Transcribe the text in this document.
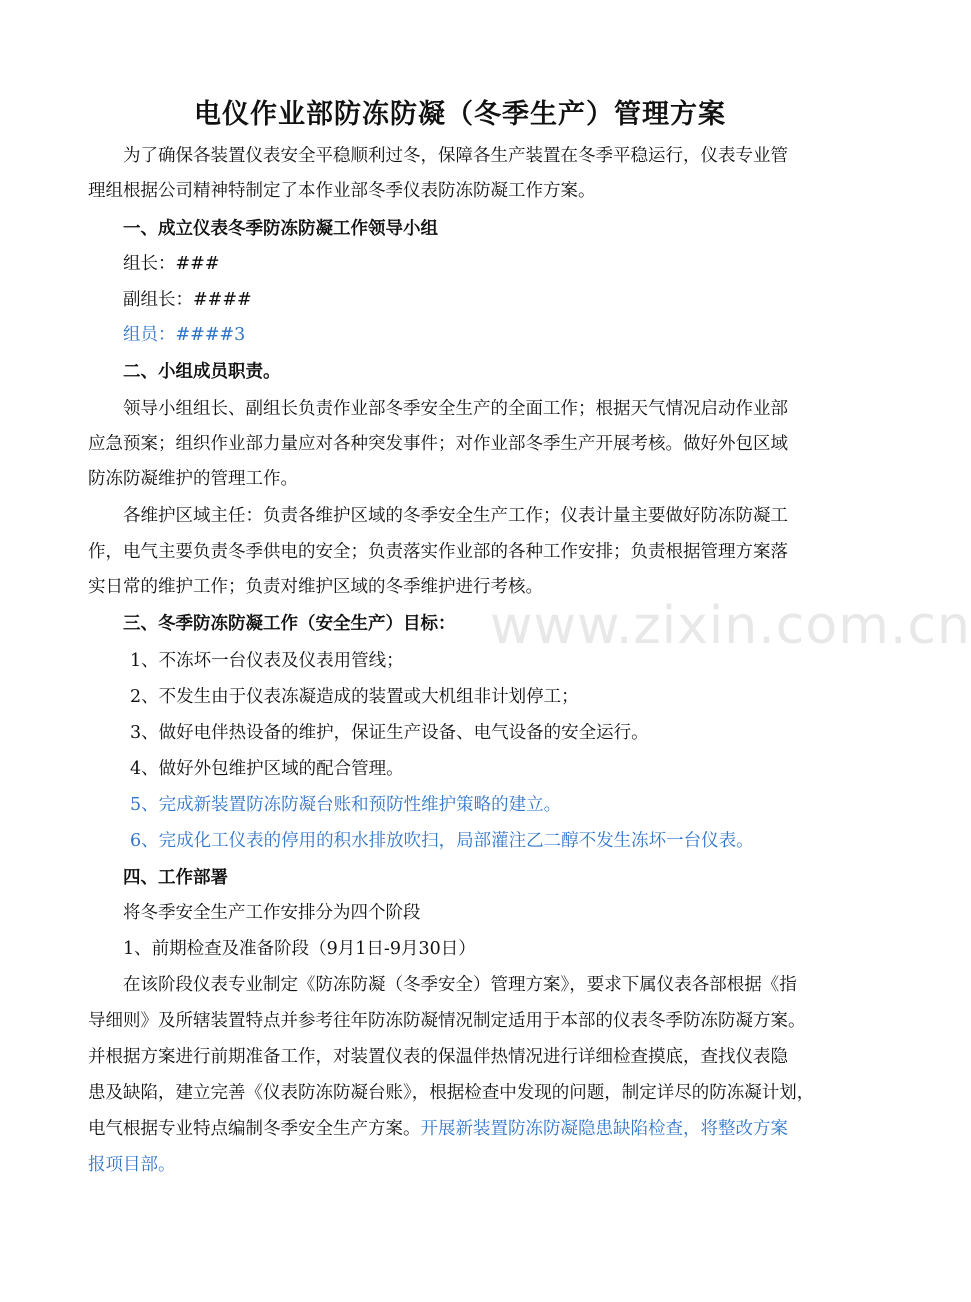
电仪作业部防冻防凝（冬季生产）管理方案
为了确保各装置仪表安全平稳顺利过冬，保障各生产装置在冬季平稳运行，仪表专业管
理组根据公司精神特制定了本作业部冬季仪表防冻防凝工作方案。
一、成立仪表冬季防冻防凝工作领导小组
组长：###
副组长：####
组员：####3
二、小组成员职责。
领导小组组长、副组长负责作业部冬季安全生产的全面工作；根据天气情况启动作业部
应急预案；组织作业部力量应对各种突发事件；对作业部冬季生产开展考核。做好外包区域
防冻防凝维护的管理工作。
各维护区域主任：负责各维护区域的冬季安全生产工作；仪表计量主要做好防冻防凝工
作，电气主要负责冬季供电的安全；负责落实作业部的各种工作安排；负责根据管理方案落
实日常的维护工作；负责对维护区域的冬季维护进行考核。
三、冬季防冻防凝工作（安全生产）目标：
1、不冻坏一台仪表及仪表用管线；
2、不发生由于仪表冻凝造成的装置或大机组非计划停工；
3、做好电伴热设备的维护，保证生产设备、电气设备的安全运行。
4、做好外包维护区域的配合管理。
5、完成新装置防冻防凝台账和预防性维护策略的建立。
6、完成化工仪表的停用的积水排放吹扫，局部灌注乙二醇不发生冻坏一台仪表。
四、工作部署
将冬季安全生产工作安排分为四个阶段
1、前期检查及准备阶段（9月1日-9月30日）
在该阶段仪表专业制定《防冻防凝（冬季安全）管理方案》，要求下属仪表各部根据《指
导细则》及所辖装置特点并参考往年防冻防凝情况制定适用于本部的仪表冬季防冻防凝方案。
并根据方案进行前期准备工作，对装置仪表的保温伴热情况进行详细检查摸底，查找仪表隐
患及缺陷，建立完善《仪表防冻防凝台账》，根据检查中发现的问题，制定详尽的防冻凝计划，
电气根据专业特点编制冬季安全生产方案。开展新装置防冻防凝隐患缺陷检查，将整改方案
报项目部。
www.zixin.com.cn
